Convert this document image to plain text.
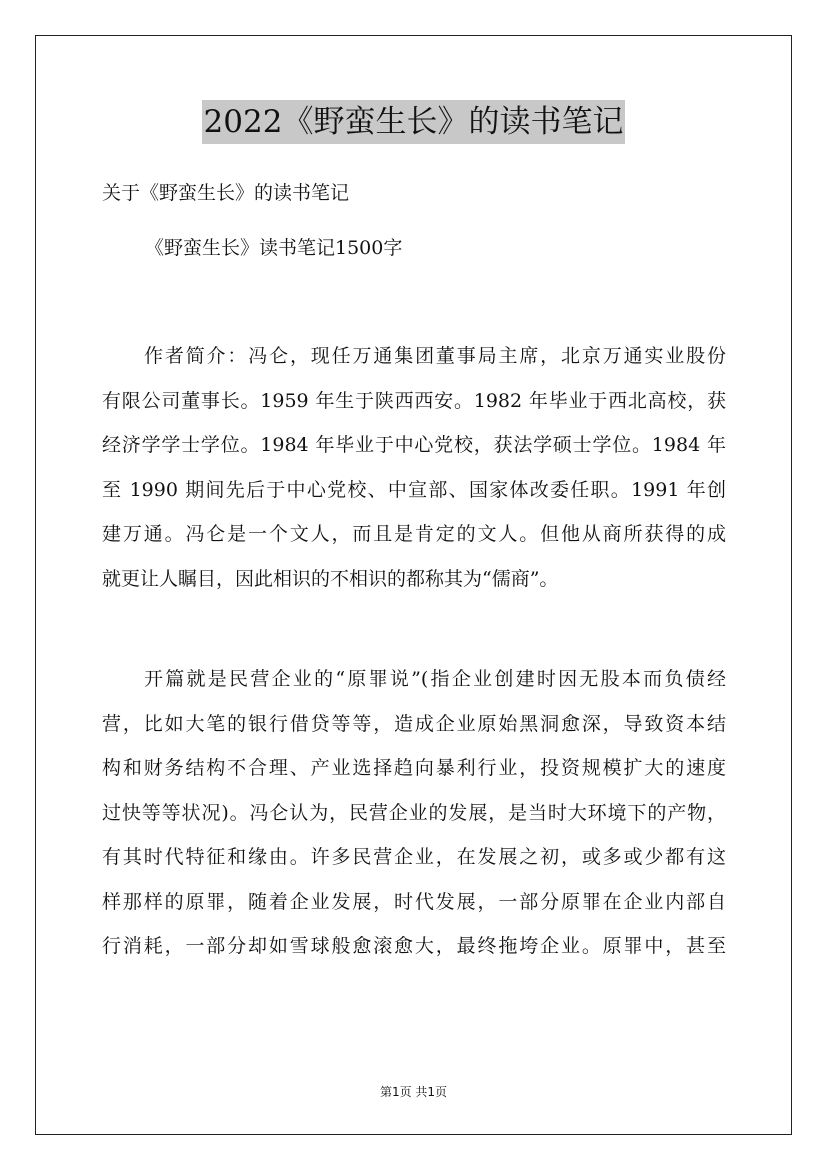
2022《野蛮生长》的读书笔记
关于《野蛮生长》的读书笔记
《野蛮生长》读书笔记1500字
作者简介：冯仑，现任万通集团董事局主席，北京万通实业股份
有限公司董事长。1959 年生于陕西西安。1982 年毕业于西北高校，获
经济学学士学位。1984 年毕业于中心党校，获法学硕士学位。1984 年
至 1990 期间先后于中心党校、中宣部、国家体改委任职。1991 年创
建万通。冯仑是一个文人，而且是肯定的文人。但他从商所获得的成
就更让人瞩目，因此相识的不相识的都称其为“儒商”。
开篇就是民营企业的“原罪说”(指企业创建时因无股本而负债经
营，比如大笔的银行借贷等等，造成企业原始黑洞愈深，导致资本结
构和财务结构不合理、产业选择趋向暴利行业，投资规模扩大的速度
过快等等状况)。冯仑认为，民营企业的发展，是当时大环境下的产物，
有其时代特征和缘由。许多民营企业，在发展之初，或多或少都有这
样那样的原罪，随着企业发展，时代发展，一部分原罪在企业内部自
行消耗，一部分却如雪球般愈滚愈大，最终拖垮企业。原罪中，甚至
第1页 共1页
